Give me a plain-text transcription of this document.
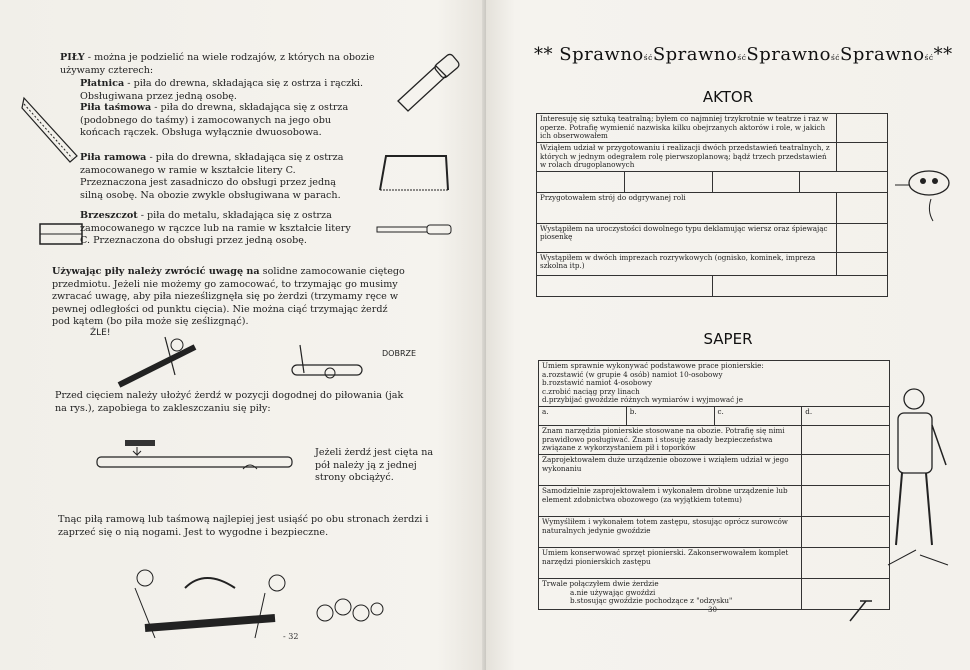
PIŁY - można je podzielić na wiele rodzajów, z których na obozie używamy czterech:
Płatnica - piła do drewna, składająca się z ostrza i rączki. Obsługiwana przez jedną osobę.
Piła taśmowa - piła do drewna, składająca się z ostrza (podobnego do taśmy) i zamocowanych na jego obu końcach rączek. Obsługa wyłącznie dwuosobowa.
Piła ramowa - piła do drewna, składająca się z ostrza zamocowanego w ramie w kształcie litery C. Przeznaczona jest zasadniczo do obsługi przez jedną silną osobę. Na obozie zwykle obsługiwana w parach.
Brzeszczot - piła do metalu, składająca się z ostrza zamocowanego w rączce lub na ramie w kształcie litery C. Przeznaczona do obsługi przez jedną osobę.
Używając piły należy zwrócić uwagę na solidne zamocowanie ciętego przedmiotu. Jeżeli nie możemy go zamocować, to trzymając go musimy zwracać uwagę, aby piła nieześlizgnęła się po żerdzi (trzymamy ręce w pewnej odległości od punktu cięcia). Nie można ciąć trzymając żerdź pod kątem (bo piła może się ześlizgnąć).
ŹLE!
DOBRZE
Przed cięciem należy ułożyć żerdź w pozycji dogodnej do piłowania (jak na rys.), zapobiega to zakleszczaniu się piły:
Jeżeli żerdź jest cięta na pół należy ją z jednej strony obciążyć.
Tnąc piłą ramową lub taśmową najlepiej jest usiąść po obu stronach żerdzi i zaprzeć się o nią nogami. Jest to wygodne i bezpieczne.
- 32
** SprawnośćSprawnośćSprawnośćSprawność**
AKTOR
Interesuję się sztuką teatralną; byłem co najmniej trzykrotnie w teatrze i raz w operze. Potrafię wymienić nazwiska kilku obejrzanych aktorów i role, w jakich ich obserwowałem	
Wziąłem udział w przygotowaniu i realizacji dwóch przedstawień teatralnych, z których w jednym odegrałem rolę pierwszoplanową; bądź trzech przedstawień w rolach drugoplanowych	

Przygotowałem strój do odgrywanej roli	
Wystąpiłem na uroczystości dowolnego typu deklamując wiersz oraz śpiewając piosenkę	
Wystąpiłem w dwóch imprezach rozrywkowych (ognisko, kominek, impreza szkolna itp.)	

SAPER
Umiem sprawnie wykonywać podstawowe prace pionierskie:
a.rozstawić (w grupie 4 osób) namiot 10-osobowy
b.rozstawić namiot 4-osobowy
c.zrobić naciąg przy linach
d.przybijać gwoździe różnych wymiarów i wyjmować je			

a.	b.	c.	d.
Znam narzędzia pionierskie stosowane na obozie. Potrafię się nimi prawidłowo posługiwać. Znam i stosuję zasady bezpieczeństwa związane z wykorzystaniem pił i toporków			
Zaprojektowałem duże urządzenie obozowe i wziąłem udział w jego wykonaniu			
Samodzielnie zaprojektowałem i wykonałem drobne urządzenie lub element zdobnictwa obozowego (za wyjątkiem totemu)			
Wymyśliłem i wykonałem totem zastępu, stosując oprócz surowców naturalnych jedynie gwoździe			
Umiem konserwować sprzęt pionierski. Zakonserwowałem komplet narzędzi pionierskich zastępu			

Trwale połączyłem dwie żerdzie
a.nie używając gwoździ
b.stosując gwoździe pochodzące z "odzysku"			

30
